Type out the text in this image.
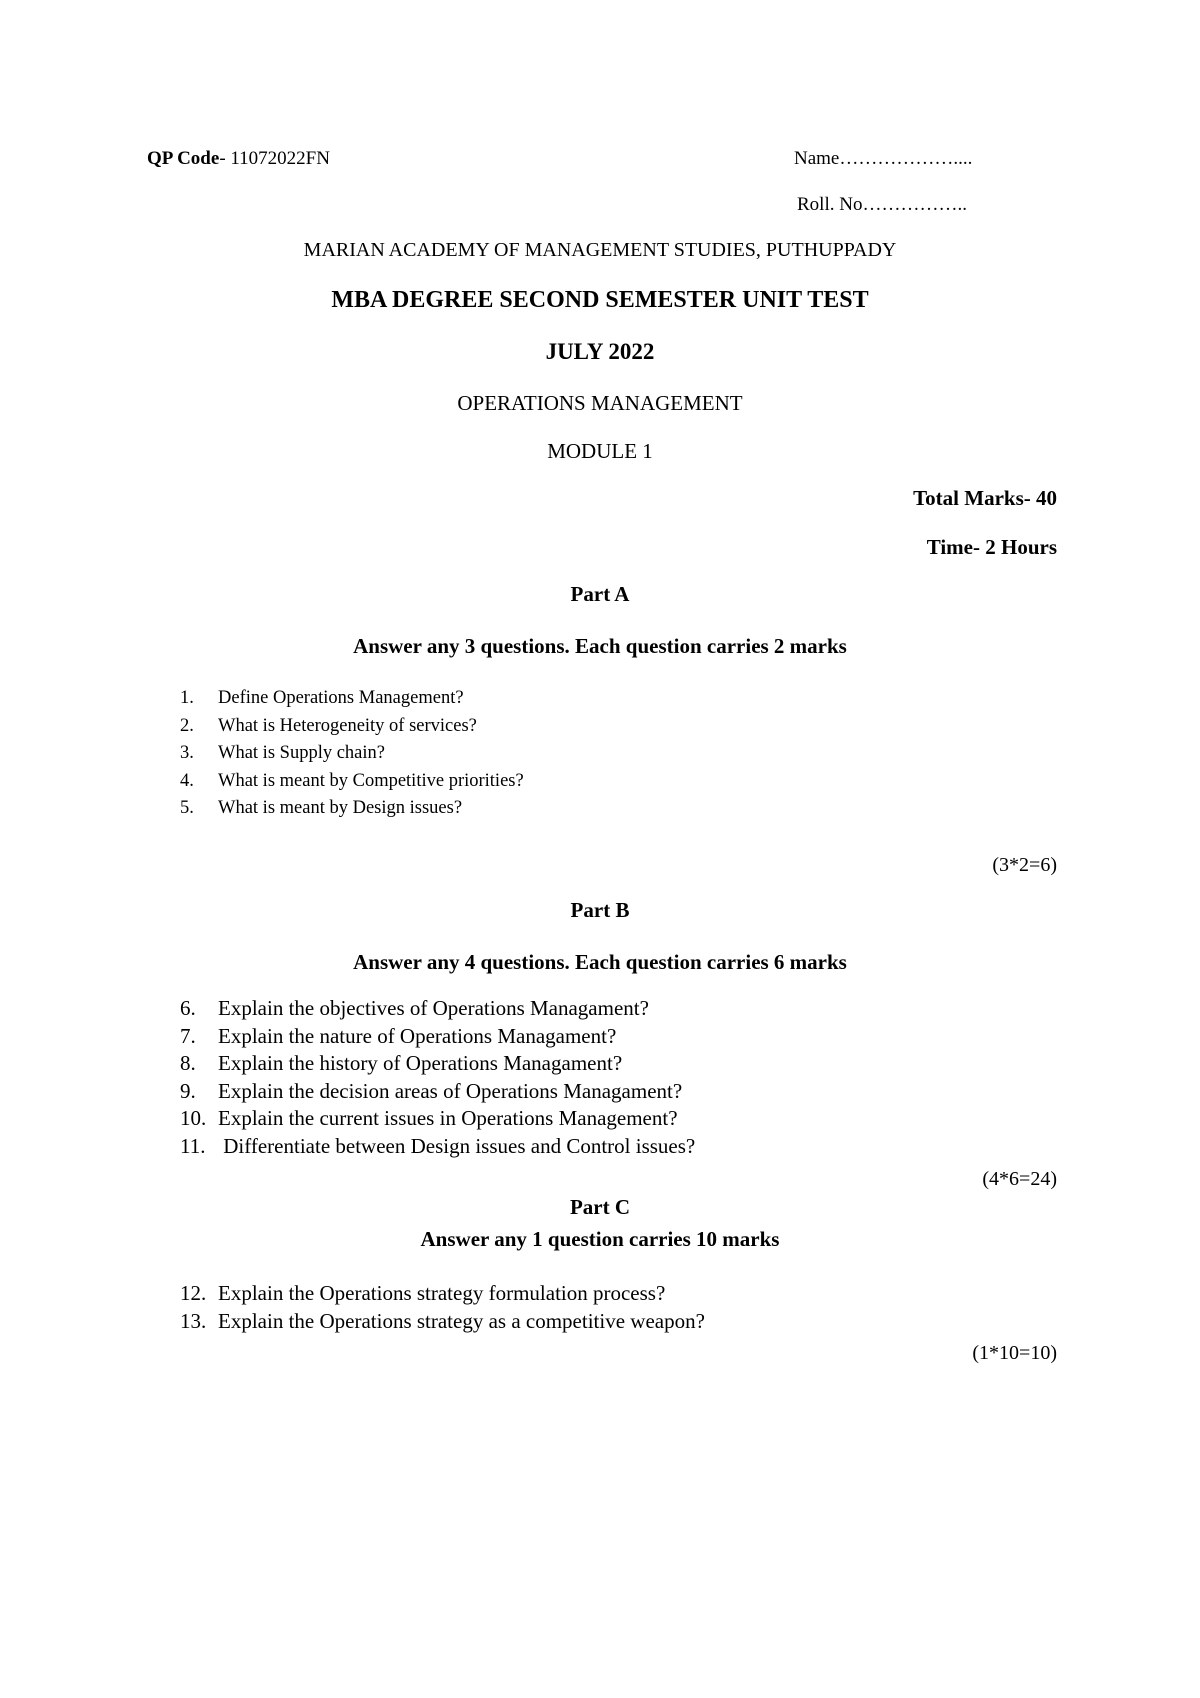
QP Code- 11072022FN	Name………………....
Roll. No……………..
MARIAN ACADEMY OF MANAGEMENT STUDIES, PUTHUPPADY
MBA DEGREE SECOND SEMESTER UNIT TEST
JULY 2022
OPERATIONS MANAGEMENT
MODULE 1
Total Marks- 40
Time- 2 Hours
Part A
Answer any 3 questions. Each question carries 2 marks
1. Define Operations Management?
2. What is Heterogeneity of services?
3. What is Supply chain?
4. What is meant by Competitive priorities?
5. What is meant by Design issues?
(3*2=6)
Part B
Answer any 4 questions. Each question carries 6 marks
6. Explain the objectives of Operations Managament?
7. Explain the nature of Operations Managament?
8. Explain the history of Operations Managament?
9. Explain the decision areas of Operations Managament?
10. Explain the current issues in Operations Management?
11. Differentiate between Design issues and Control issues?
(4*6=24)
Part C
Answer any 1 question carries 10 marks
12. Explain the Operations strategy formulation process?
13. Explain the Operations strategy as a competitive weapon?
(1*10=10)
